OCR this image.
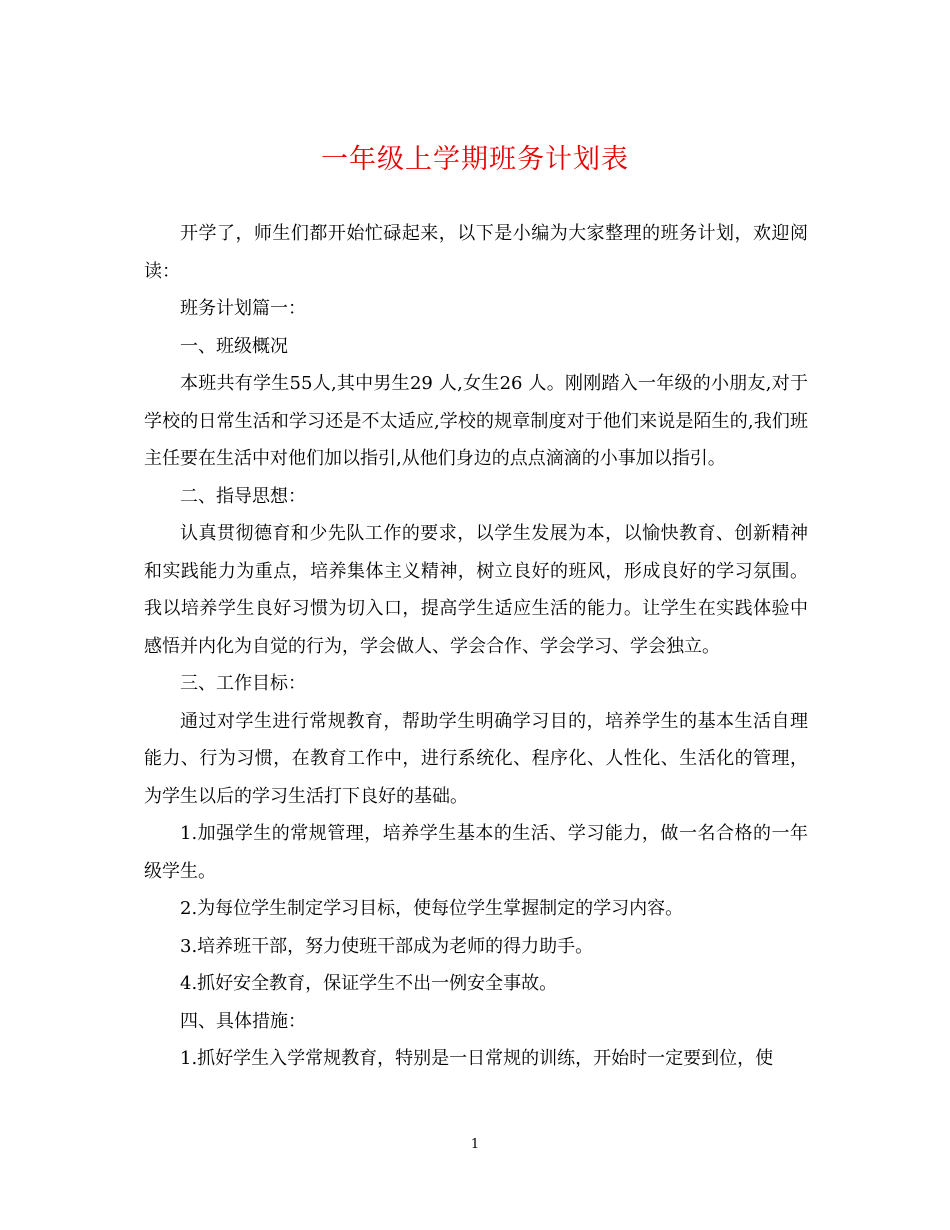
一年级上学期班务计划表

开学了，师生们都开始忙碌起来，以下是小编为大家整理的班务计划，欢迎阅读：

班务计划篇一：

一、班级概况

本班共有学生55人,其中男生29 人,女生26 人。刚刚踏入一年级的小朋友,对于学校的日常生活和学习还是不太适应,学校的规章制度对于他们来说是陌生的,我们班主任要在生活中对他们加以指引,从他们身边的点点滴滴的小事加以指引。

二、指导思想：

认真贯彻德育和少先队工作的要求，以学生发展为本，以愉快教育、创新精神和实践能力为重点，培养集体主义精神，树立良好的班风，形成良好的学习氛围。我以培养学生良好习惯为切入口，提高学生适应生活的能力。让学生在实践体验中感悟并内化为自觉的行为，学会做人、学会合作、学会学习、学会独立。

三、工作目标：

通过对学生进行常规教育，帮助学生明确学习目的，培养学生的基本生活自理能力、行为习惯，在教育工作中，进行系统化、程序化、人性化、生活化的管理，为学生以后的学习生活打下良好的基础。

1.加强学生的常规管理，培养学生基本的生活、学习能力，做一名合格的一年级学生。

2.为每位学生制定学习目标，使每位学生掌握制定的学习内容。

3.培养班干部，努力使班干部成为老师的得力助手。

4.抓好安全教育，保证学生不出一例安全事故。

四、具体措施：

1.抓好学生入学常规教育，特别是一日常规的训练，开始时一定要到位，使

1
